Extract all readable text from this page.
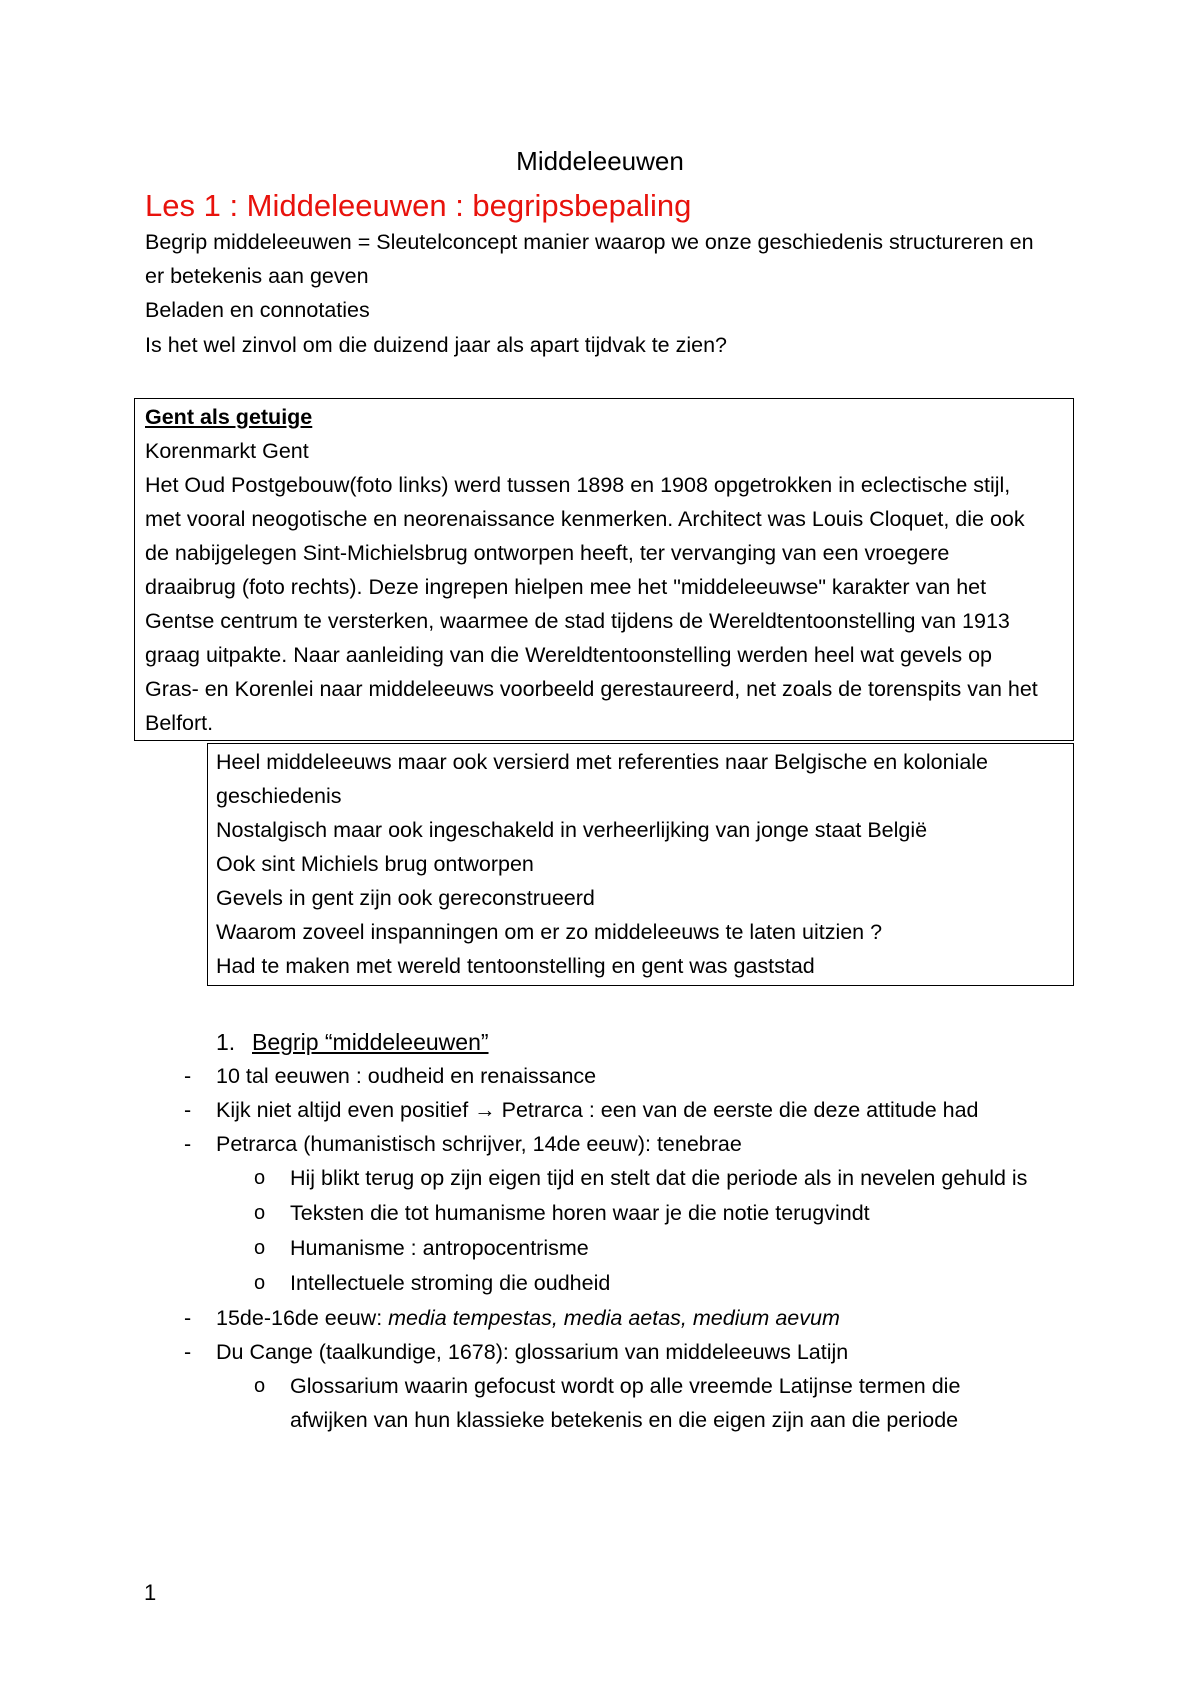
Middeleeuwen
Les 1 : Middeleeuwen : begripsbepaling
Begrip middeleeuwen = Sleutelconcept manier waarop we onze geschiedenis structureren en
er betekenis aan geven
Beladen en connotaties
Is het wel zinvol om die duizend jaar als apart tijdvak te zien?
Gent als getuige
Korenmarkt Gent
Het Oud Postgebouw(foto links) werd tussen 1898 en 1908 opgetrokken in eclectische stijl,
met vooral neogotische en neorenaissance kenmerken. Architect was Louis Cloquet, die ook
de nabijgelegen Sint-Michielsbrug ontworpen heeft, ter vervanging van een vroegere
draaibrug (foto rechts). Deze ingrepen hielpen mee het "middeleeuwse" karakter van het
Gentse centrum te versterken, waarmee de stad tijdens de Wereldtentoonstelling van 1913
graag uitpakte. Naar aanleiding van die Wereldtentoonstelling werden heel wat gevels op
Gras- en Korenlei naar middeleeuws voorbeeld gerestaureerd, net zoals de torenspits van het
Belfort.
Heel middeleeuws maar ook versierd met referenties naar Belgische en koloniale
geschiedenis
Nostalgisch maar ook ingeschakeld in verheerlijking van jonge staat België
Ook sint Michiels brug ontworpen
Gevels in gent zijn ook gereconstrueerd
Waarom zoveel inspanningen om er zo middeleeuws te laten uitzien ?
Had te maken met wereld tentoonstelling en gent was gaststad
1. Begrip “middeleeuwen”
- 10 tal eeuwen : oudheid en renaissance
- Kijk niet altijd even positief → Petrarca : een van de eerste die deze attitude had
- Petrarca (humanistisch schrijver, 14de eeuw): tenebrae
o Hij blikt terug op zijn eigen tijd en stelt dat die periode als in nevelen gehuld is
o Teksten die tot humanisme horen waar je die notie terugvindt
o Humanisme : antropocentrisme
o Intellectuele stroming die oudheid
- 15de-16de eeuw: media tempestas, media aetas, medium aevum
- Du Cange (taalkundige, 1678): glossarium van middeleeuws Latijn
o Glossarium waarin gefocust wordt op alle vreemde Latijnse termen die
afwijken van hun klassieke betekenis en die eigen zijn aan die periode
1
